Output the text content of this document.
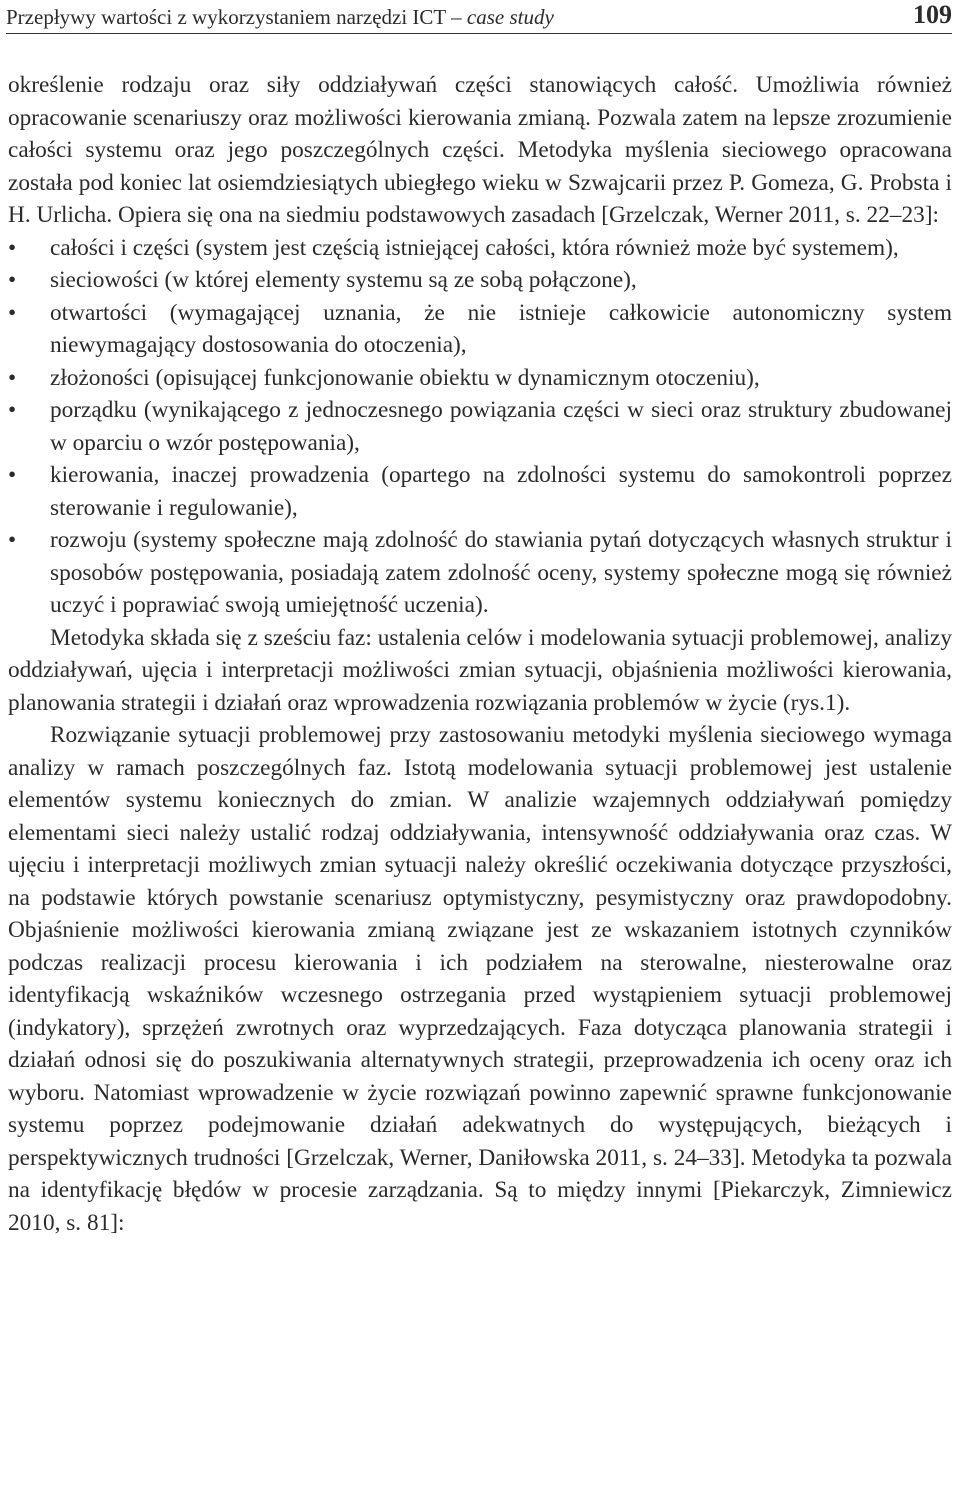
Przepływy wartości z wykorzystaniem narzędzi ICT – case study	109

określenie rodzaju oraz siły oddziaływań części stanowiących całość. Umożliwia również opracowanie scenariuszy oraz możliwości kierowania zmianą. Pozwala zatem na lepsze zrozumienie całości systemu oraz jego poszczególnych części. Metodyka myślenia sieciowego opracowana została pod koniec lat osiemdziesiątych ubiegłego wieku w Szwajcarii przez P. Gomeza, G. Probsta i H. Urlicha. Opiera się ona na siedmiu podstawowych zasadach [Grzelczak, Werner 2011, s. 22–23]:

•	całości i części (system jest częścią istniejącej całości, która również może być systemem),
•	sieciowości (w której elementy systemu są ze sobą połączone),
•	otwartości (wymagającej uznania, że nie istnieje całkowicie autonomiczny system niewymagający dostosowania do otoczenia),
•	złożoności (opisującej funkcjonowanie obiektu w dynamicznym otoczeniu),
•	porządku (wynikającego z jednoczesnego powiązania części w sieci oraz struktury zbudowanej w oparciu o wzór postępowania),
•	kierowania, inaczej prowadzenia (opartego na zdolności systemu do samokontroli poprzez sterowanie i regulowanie),
•	rozwoju (systemy społeczne mają zdolność do stawiania pytań dotyczących własnych struktur i sposobów postępowania, posiadają zatem zdolność oceny, systemy społeczne mogą się również uczyć i poprawiać swoją umiejętność uczenia).

Metodyka składa się z sześciu faz: ustalenia celów i modelowania sytuacji problemowej, analizy oddziaływań, ujęcia i interpretacji możliwości zmian sytuacji, objaśnienia możliwości kierowania, planowania strategii i działań oraz wprowadzenia rozwiązania problemów w życie (rys.1).

Rozwiązanie sytuacji problemowej przy zastosowaniu metodyki myślenia sieciowego wymaga analizy w ramach poszczególnych faz. Istotą modelowania sytuacji problemowej jest ustalenie elementów systemu koniecznych do zmian. W analizie wzajemnych oddziaływań pomiędzy elementami sieci należy ustalić rodzaj oddziaływania, intensywność oddziaływania oraz czas. W ujęciu i interpretacji możliwych zmian sytuacji należy określić oczekiwania dotyczące przyszłości, na podstawie których powstanie scenariusz optymistyczny, pesymistyczny oraz prawdopodobny. Objaśnienie możliwości kierowania zmianą związane jest ze wskazaniem istotnych czynników podczas realizacji procesu kierowania i ich podziałem na sterowalne, niesterowalne oraz identyfikacją wskaźników wczesnego ostrzegania przed wystąpieniem sytuacji problemowej (indykatory), sprzężeń zwrotnych oraz wyprzedzających. Faza dotycząca planowania strategii i działań odnosi się do poszukiwania alternatywnych strategii, przeprowadzenia ich oceny oraz ich wyboru. Natomiast wprowadzenie w życie rozwiązań powinno zapewnić sprawne funkcjonowanie systemu poprzez podejmowanie działań adekwatnych do występujących, bieżących i perspektywicznych trudności [Grzelczak, Werner, Daniłowska 2011, s. 24–33]. Metodyka ta pozwala na identyfikację błędów w procesie zarządzania. Są to między innymi [Piekarczyk, Zimniewicz 2010, s. 81]:
